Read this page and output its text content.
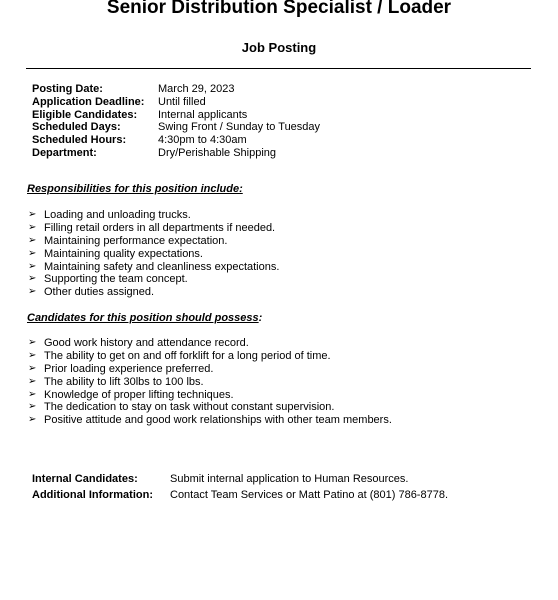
Senior Distribution Specialist / Loader
Job Posting
Posting Date:	March 29, 2023
Application Deadline: Until filled
Eligible Candidates: Internal applicants
Scheduled Days:	Swing Front / Sunday to Tuesday
Scheduled Hours:	4:30pm to 4:30am
Department:	Dry/Perishable Shipping
Responsibilities for this position include:
➢ Loading and unloading trucks.
➢ Filling retail orders in all departments if needed.
➢ Maintaining performance expectation.
➢ Maintaining quality expectations.
➢ Maintaining safety and cleanliness expectations.
➢ Supporting the team concept.
➢ Other duties assigned.
Candidates for this position should possess:
➢ Good work history and attendance record.
➢ The ability to get on and off forklift for a long period of time.
➢ Prior loading experience preferred.
➢ The ability to lift 30lbs to 100 lbs.
➢ Knowledge of proper lifting techniques.
➢ The dedication to stay on task without constant supervision.
➢ Positive attitude and good work relationships with other team members.
Internal Candidates:	Submit internal application to Human Resources.
Additional Information: Contact Team Services or Matt Patino at (801) 786-8778.
